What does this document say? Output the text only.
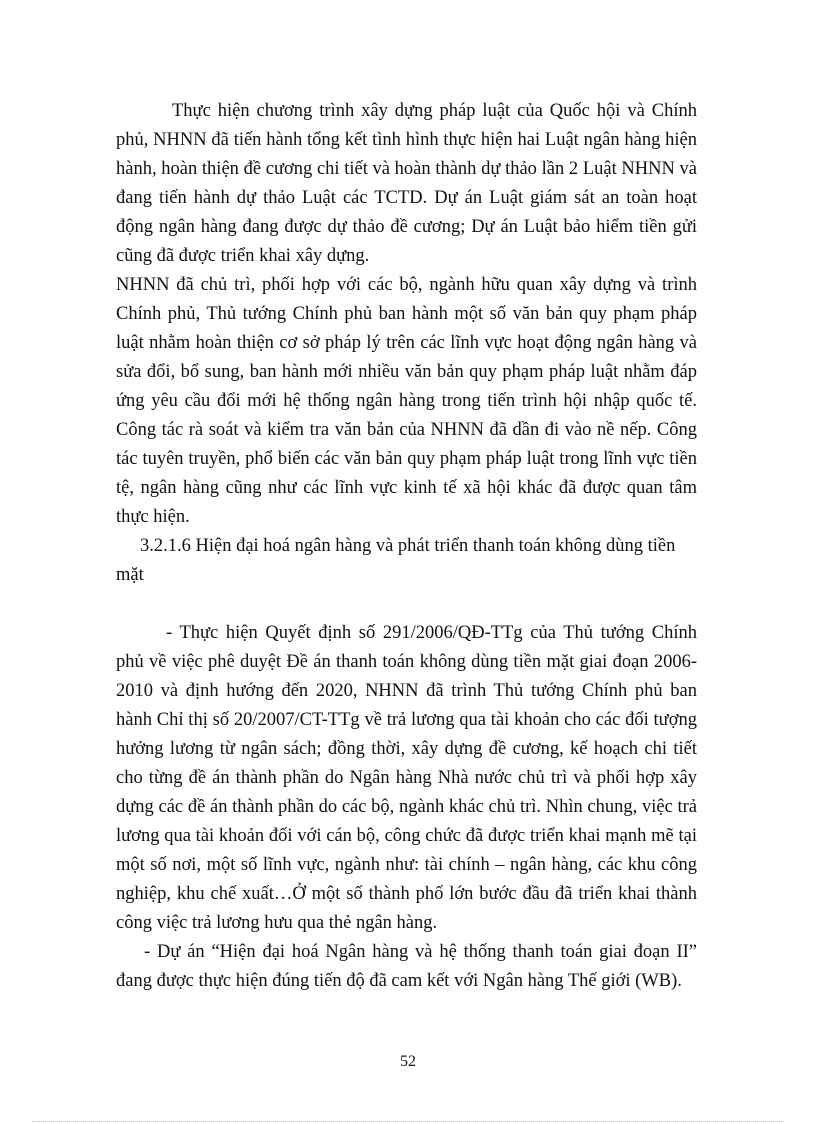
Thực hiện chương trình xây dựng pháp luật của Quốc hội và Chính phủ, NHNN đã tiến hành tổng kết tình hình thực hiện hai Luật ngân hàng hiện hành, hoàn thiện đề cương chi tiết và hoàn thành dự thảo lần 2 Luật NHNN và đang tiến hành dự thảo Luật các TCTD. Dự án Luật giám sát an toàn hoạt động ngân hàng đang được dự thảo đề cương; Dự án Luật bảo hiểm tiền gửi cũng đã được triển khai xây dựng.

NHNN đã chủ trì, phối hợp với các bộ, ngành hữu quan xây dựng và trình Chính phủ, Thủ tướng Chính phủ ban hành một số văn bản quy phạm pháp luật nhằm hoàn thiện cơ sở pháp lý trên các lĩnh vực hoạt động ngân hàng và sửa đổi, bổ sung, ban hành mới nhiều văn bản quy phạm pháp luật nhằm đáp ứng yêu cầu đổi mới hệ thống ngân hàng trong tiến trình hội nhập quốc tế. Công tác rà soát và kiểm tra văn bản của NHNN đã dần đi vào nề nếp. Công tác tuyên truyền, phổ biến các văn bản quy phạm pháp luật trong lĩnh vực tiền tệ, ngân hàng cũng như các lĩnh vực kinh tế xã hội khác đã được quan tâm thực hiện.

3.2.1.6 Hiện đại hoá ngân hàng và phát triển thanh toán không dùng tiền mặt

- Thực hiện Quyết định số 291/2006/QĐ-TTg của Thủ tướng Chính phủ về việc phê duyệt Đề án thanh toán không dùng tiền mặt giai đoạn 2006-2010 và định hướng đến 2020, NHNN đã trình Thủ tướng Chính phủ ban hành Chỉ thị số 20/2007/CT-TTg về trả lương qua tài khoản cho các đối tượng hưởng lương từ ngân sách; đồng thời, xây dựng đề cương, kế hoạch chi tiết cho từng đề án thành phần do Ngân hàng Nhà nước chủ trì và phối hợp xây dựng các đề án thành phần do các bộ, ngành khác chủ trì. Nhìn chung, việc trả lương qua tài khoản đối với cán bộ, công chức đã được triển khai mạnh mẽ tại một số nơi, một số lĩnh vực, ngành như: tài chính – ngân hàng, các khu công nghiệp, khu chế xuất…Ở một số thành phố lớn bước đầu đã triển khai thành công việc trả lương hưu qua thẻ ngân hàng.

- Dự án “Hiện đại hoá Ngân hàng và hệ thống thanh toán giai đoạn II” đang được thực hiện đúng tiến độ đã cam kết với Ngân hàng Thế giới (WB).

52
